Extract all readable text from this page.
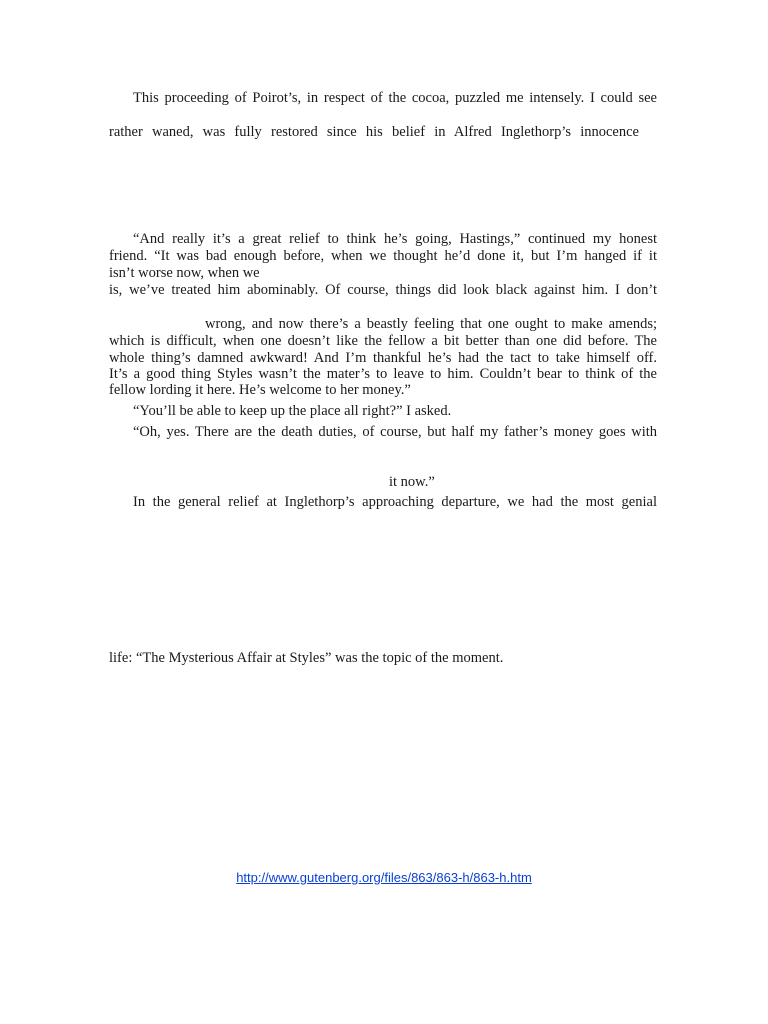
This proceeding of Poirot’s, in respect of the cocoa, puzzled me intensely. I could see
rather waned, was fully restored since his belief in Alfred Inglethorp’s innocence
“And really it’s a great relief to think he’s going, Hastings,” continued my honest
friend. “It was bad enough before, when we thought he’d done it, but I’m hanged if it
isn’t worse now, when we
is, we’ve treated him abominably. Of course, things did look black against him. I don’t
wrong, and now there’s a beastly feeling that one ought to make amends;
which is difficult, when one doesn’t like the fellow a bit better than one did before. The
whole thing’s damned awkward! And I’m thankful he’s had the tact to take himself off.
It’s a good thing Styles wasn’t the mater’s to leave to him. Couldn’t bear to think of the
fellow lording it here. He’s welcome to her money.”
“You’ll be able to keep up the place all right?” I asked.
“Oh, yes. There are the death duties, of course, but half my father’s money goes with
it now.”
In the general relief at Inglethorp’s approaching departure, we had the most genial
life: “The Mysterious Affair at Styles” was the topic of the moment.
http://www.gutenberg.org/files/863/863-h/863-h.htm
